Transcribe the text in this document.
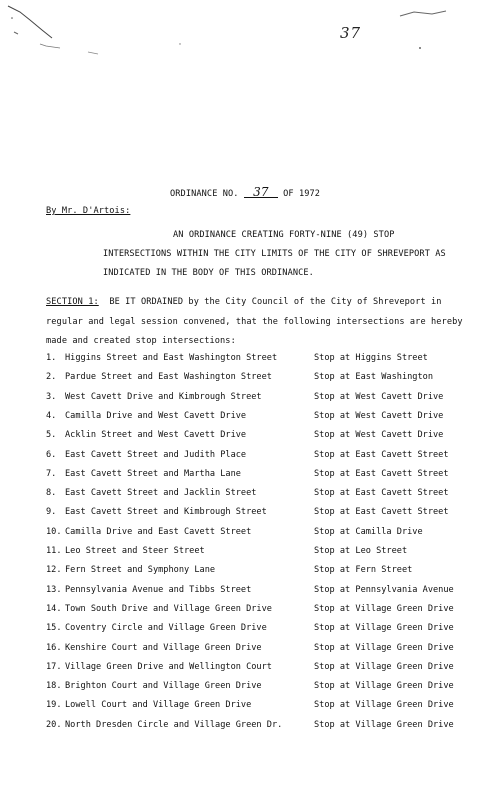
37
ORDINANCE NO. 37 OF 1972
By Mr. D'Artois:
AN ORDINANCE CREATING FORTY-NINE (49) STOP
INTERSECTIONS WITHIN THE CITY LIMITS OF THE CITY OF SHREVEPORT AS
INDICATED IN THE BODY OF THIS ORDINANCE.
SECTION 1: BE IT ORDAINED by the City Council of the City of Shreveport in
regular and legal session convened, that the following intersections are hereby
made and created stop intersections:
1. Higgins Street and East Washington Street	Stop at Higgins Street
2. Pardue Street and East Washington Street	Stop at East Washington
3. West Cavett Drive and Kimbrough Street	Stop at West Cavett Drive
4. Camilla Drive and West Cavett Drive	Stop at West Cavett Drive
5. Acklin Street and West Cavett Drive	Stop at West Cavett Drive
6. East Cavett Street and Judith Place	Stop at East Cavett Street
7. East Cavett Street and Martha Lane	Stop at East Cavett Street
8. East Cavett Street and Jacklin Street	Stop at East Cavett Street
9. East Cavett Street and Kimbrough Street	Stop at East Cavett Street
10. Camilla Drive and East Cavett Street	Stop at Camilla Drive
11. Leo Street and Steer Street	Stop at Leo Street
12. Fern Street and Symphony Lane	Stop at Fern Street
13. Pennsylvania Avenue and Tibbs Street	Stop at Pennsylvania Avenue
14. Town South Drive and Village Green Drive	Stop at Village Green Drive
15. Coventry Circle and Village Green Drive	Stop at Village Green Drive
16. Kenshire Court and Village Green Drive	Stop at Village Green Drive
17. Village Green Drive and Wellington Court	Stop at Village Green Drive
18. Brighton Court and Village Green Drive	Stop at Village Green Drive
19. Lowell Court and Village Green Drive	Stop at Village Green Drive
20. North Dresden Circle and Village Green Dr.	Stop at Village Green Drive
